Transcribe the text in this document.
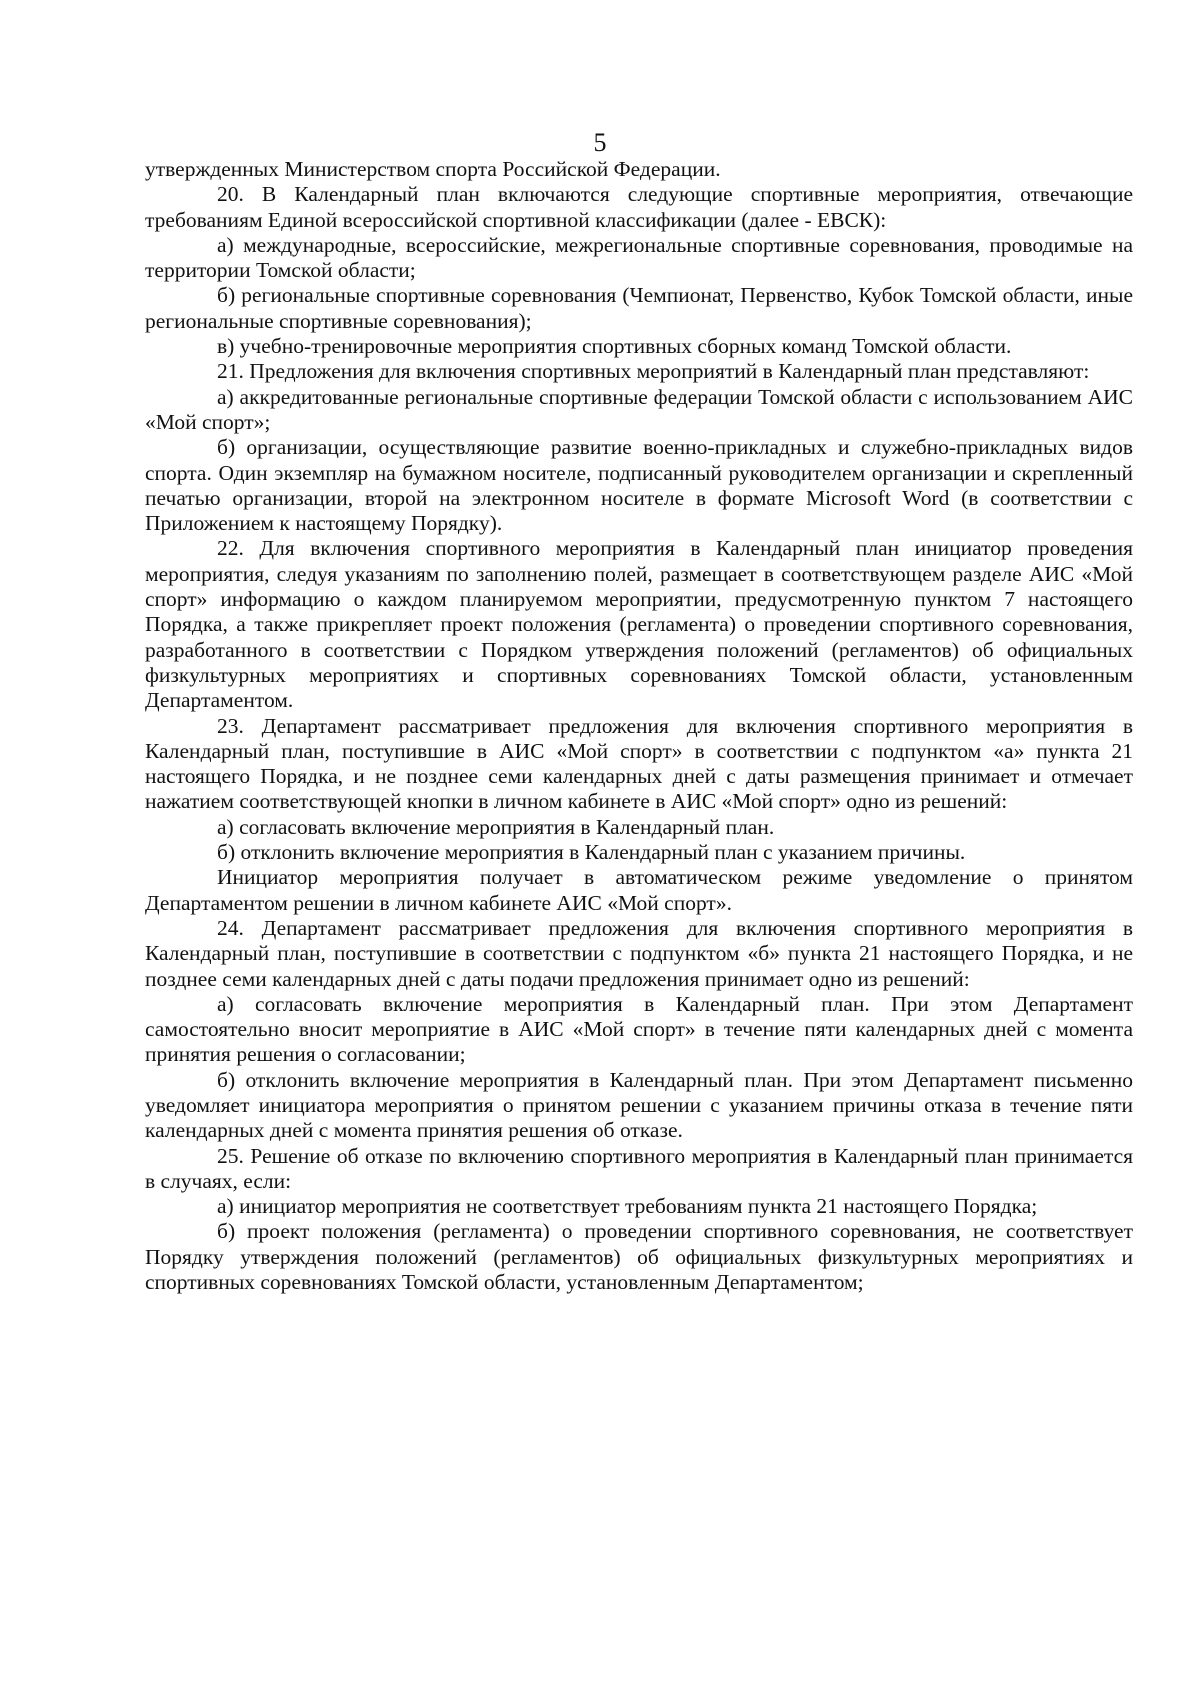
5

утвержденных Министерством спорта Российской Федерации.

20. В Календарный план включаются следующие спортивные мероприятия, отвечающие требованиям Единой всероссийской спортивной классификации (далее - ЕВСК):

а) международные, всероссийские, межрегиональные спортивные соревнования, проводимые на территории Томской области;

б) региональные спортивные соревнования (Чемпионат, Первенство, Кубок Томской области, иные региональные спортивные соревнования);

в) учебно-тренировочные мероприятия спортивных сборных команд Томской области.

21. Предложения для включения спортивных мероприятий в Календарный план представляют:

а) аккредитованные региональные спортивные федерации Томской области с использованием АИС «Мой спорт»;

б) организации, осуществляющие развитие военно-прикладных и служебно-прикладных видов спорта. Один экземпляр на бумажном носителе, подписанный руководителем организации и скрепленный печатью организации, второй на электронном носителе в формате Microsoft Word (в соответствии с Приложением к настоящему Порядку).

22. Для включения спортивного мероприятия в Календарный план инициатор проведения мероприятия, следуя указаниям по заполнению полей, размещает в соответствующем разделе АИС «Мой спорт» информацию о каждом планируемом мероприятии, предусмотренную пунктом 7 настоящего Порядка, а также прикрепляет проект положения (регламента) о проведении спортивного соревнования, разработанного в соответствии с Порядком утверждения положений (регламентов) об официальных физкультурных мероприятиях и спортивных соревнованиях Томской области, установленным Департаментом.

23. Департамент рассматривает предложения для включения спортивного мероприятия в Календарный план, поступившие в АИС «Мой спорт» в соответствии с подпунктом «а» пункта 21 настоящего Порядка, и не позднее семи календарных дней с даты размещения принимает и отмечает нажатием соответствующей кнопки в личном кабинете в АИС «Мой спорт» одно из решений:

а) согласовать включение мероприятия в Календарный план.

б) отклонить включение мероприятия в Календарный план с указанием причины.

Инициатор мероприятия получает в автоматическом режиме уведомление о принятом Департаментом решении в личном кабинете АИС «Мой спорт».

24. Департамент рассматривает предложения для включения спортивного мероприятия в Календарный план, поступившие в соответствии с подпунктом «б» пункта 21 настоящего Порядка, и не позднее семи календарных дней с даты подачи предложения принимает одно из решений:

а) согласовать включение мероприятия в Календарный план. При этом Департамент самостоятельно вносит мероприятие в АИС «Мой спорт» в течение пяти календарных дней с момента принятия решения о согласовании;

б) отклонить включение мероприятия в Календарный план. При этом Департамент письменно уведомляет инициатора мероприятия о принятом решении с указанием причины отказа в течение пяти календарных дней с момента принятия решения об отказе.

25. Решение об отказе по включению спортивного мероприятия в Календарный план принимается в случаях, если:

а) инициатор мероприятия не соответствует требованиям пункта 21 настоящего Порядка;

б) проект положения (регламента) о проведении спортивного соревнования, не соответствует Порядку утверждения положений (регламентов) об официальных физкультурных мероприятиях и спортивных соревнованиях Томской области, установленным Департаментом;
